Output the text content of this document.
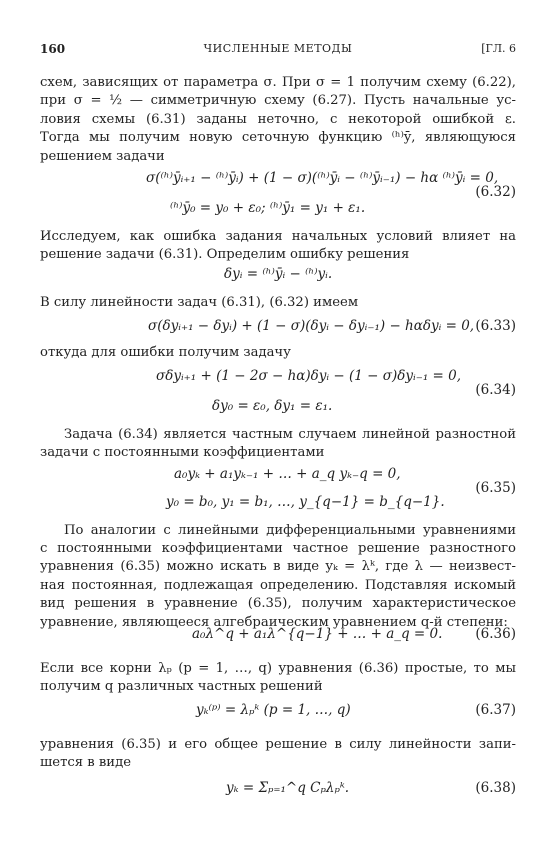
160	ЧИСЛЕННЫЕ МЕТОДЫ	[ГЛ. 6
схем, зависящих от параметра σ. При σ = 1 получим схему (6.22),
при σ = ½ — симметричную схему (6.27). Пусть начальные ус-
ловия схемы (6.31) заданы неточно, с некоторой ошибкой ε.
Тогда мы получим новую сеточную функцию ⁽ʰ⁾ȳ, являющуюся
решением задачи
σ(⁽ʰ⁾ȳᵢ₊₁ − ⁽ʰ⁾ȳᵢ) + (1 − σ)(⁽ʰ⁾ȳᵢ − ⁽ʰ⁾ȳᵢ₋₁) − hα ⁽ʰ⁾ȳᵢ = 0,
⁽ʰ⁾ȳ₀ = y₀ + ε₀; ⁽ʰ⁾ȳ₁ = y₁ + ε₁.
(6.32)
Исследуем, как ошибка задания начальных условий влияет на
решение задачи (6.31). Определим ошибку решения
δyᵢ = ⁽ʰ⁾ȳᵢ − ⁽ʰ⁾yᵢ.
В силу линейности задач (6.31), (6.32) имеем
σ(δyᵢ₊₁ − δyᵢ) + (1 − σ)(δyᵢ − δyᵢ₋₁) − hαδyᵢ = 0, (6.33)
откуда для ошибки получим задачу
σδyᵢ₊₁ + (1 − 2σ − hα)δyᵢ − (1 − σ)δyᵢ₋₁ = 0,
δy₀ = ε₀, δy₁ = ε₁.
(6.34)
Задача (6.34) является частным случаем линейной разностной
задачи с постоянными коэффициентами
a₀yₖ + a₁yₖ₋₁ + … + a_q yₖ₋q = 0,
y₀ = b₀, y₁ = b₁, …, y_{q−1} = b_{q−1}.
(6.35)
По аналогии с линейными дифференциальными уравнениями
с постоянными коэффициентами частное решение разностного
уравнения (6.35) можно искать в виде yₖ = λᵏ, где λ — неизвест-
ная постоянная, подлежащая определению. Подставляя искомый
вид решения в уравнение (6.35), получим характеристическое
уравнение, являющееся алгебраическим уравнением q-й степени:
a₀λ^q + a₁λ^{q−1} + … + a_q = 0. (6.36)
Если все корни λₚ (p = 1, …, q) уравнения (6.36) простые, то мы
получим q различных частных решений
yₖ⁽ᵖ⁾ = λₚᵏ (p = 1, …, q)	(6.37)
уравнения (6.35) и его общее решение в силу линейности запи-
шется в виде
yₖ = Σₚ₌₁^q Cₚλₚᵏ.	(6.38)
